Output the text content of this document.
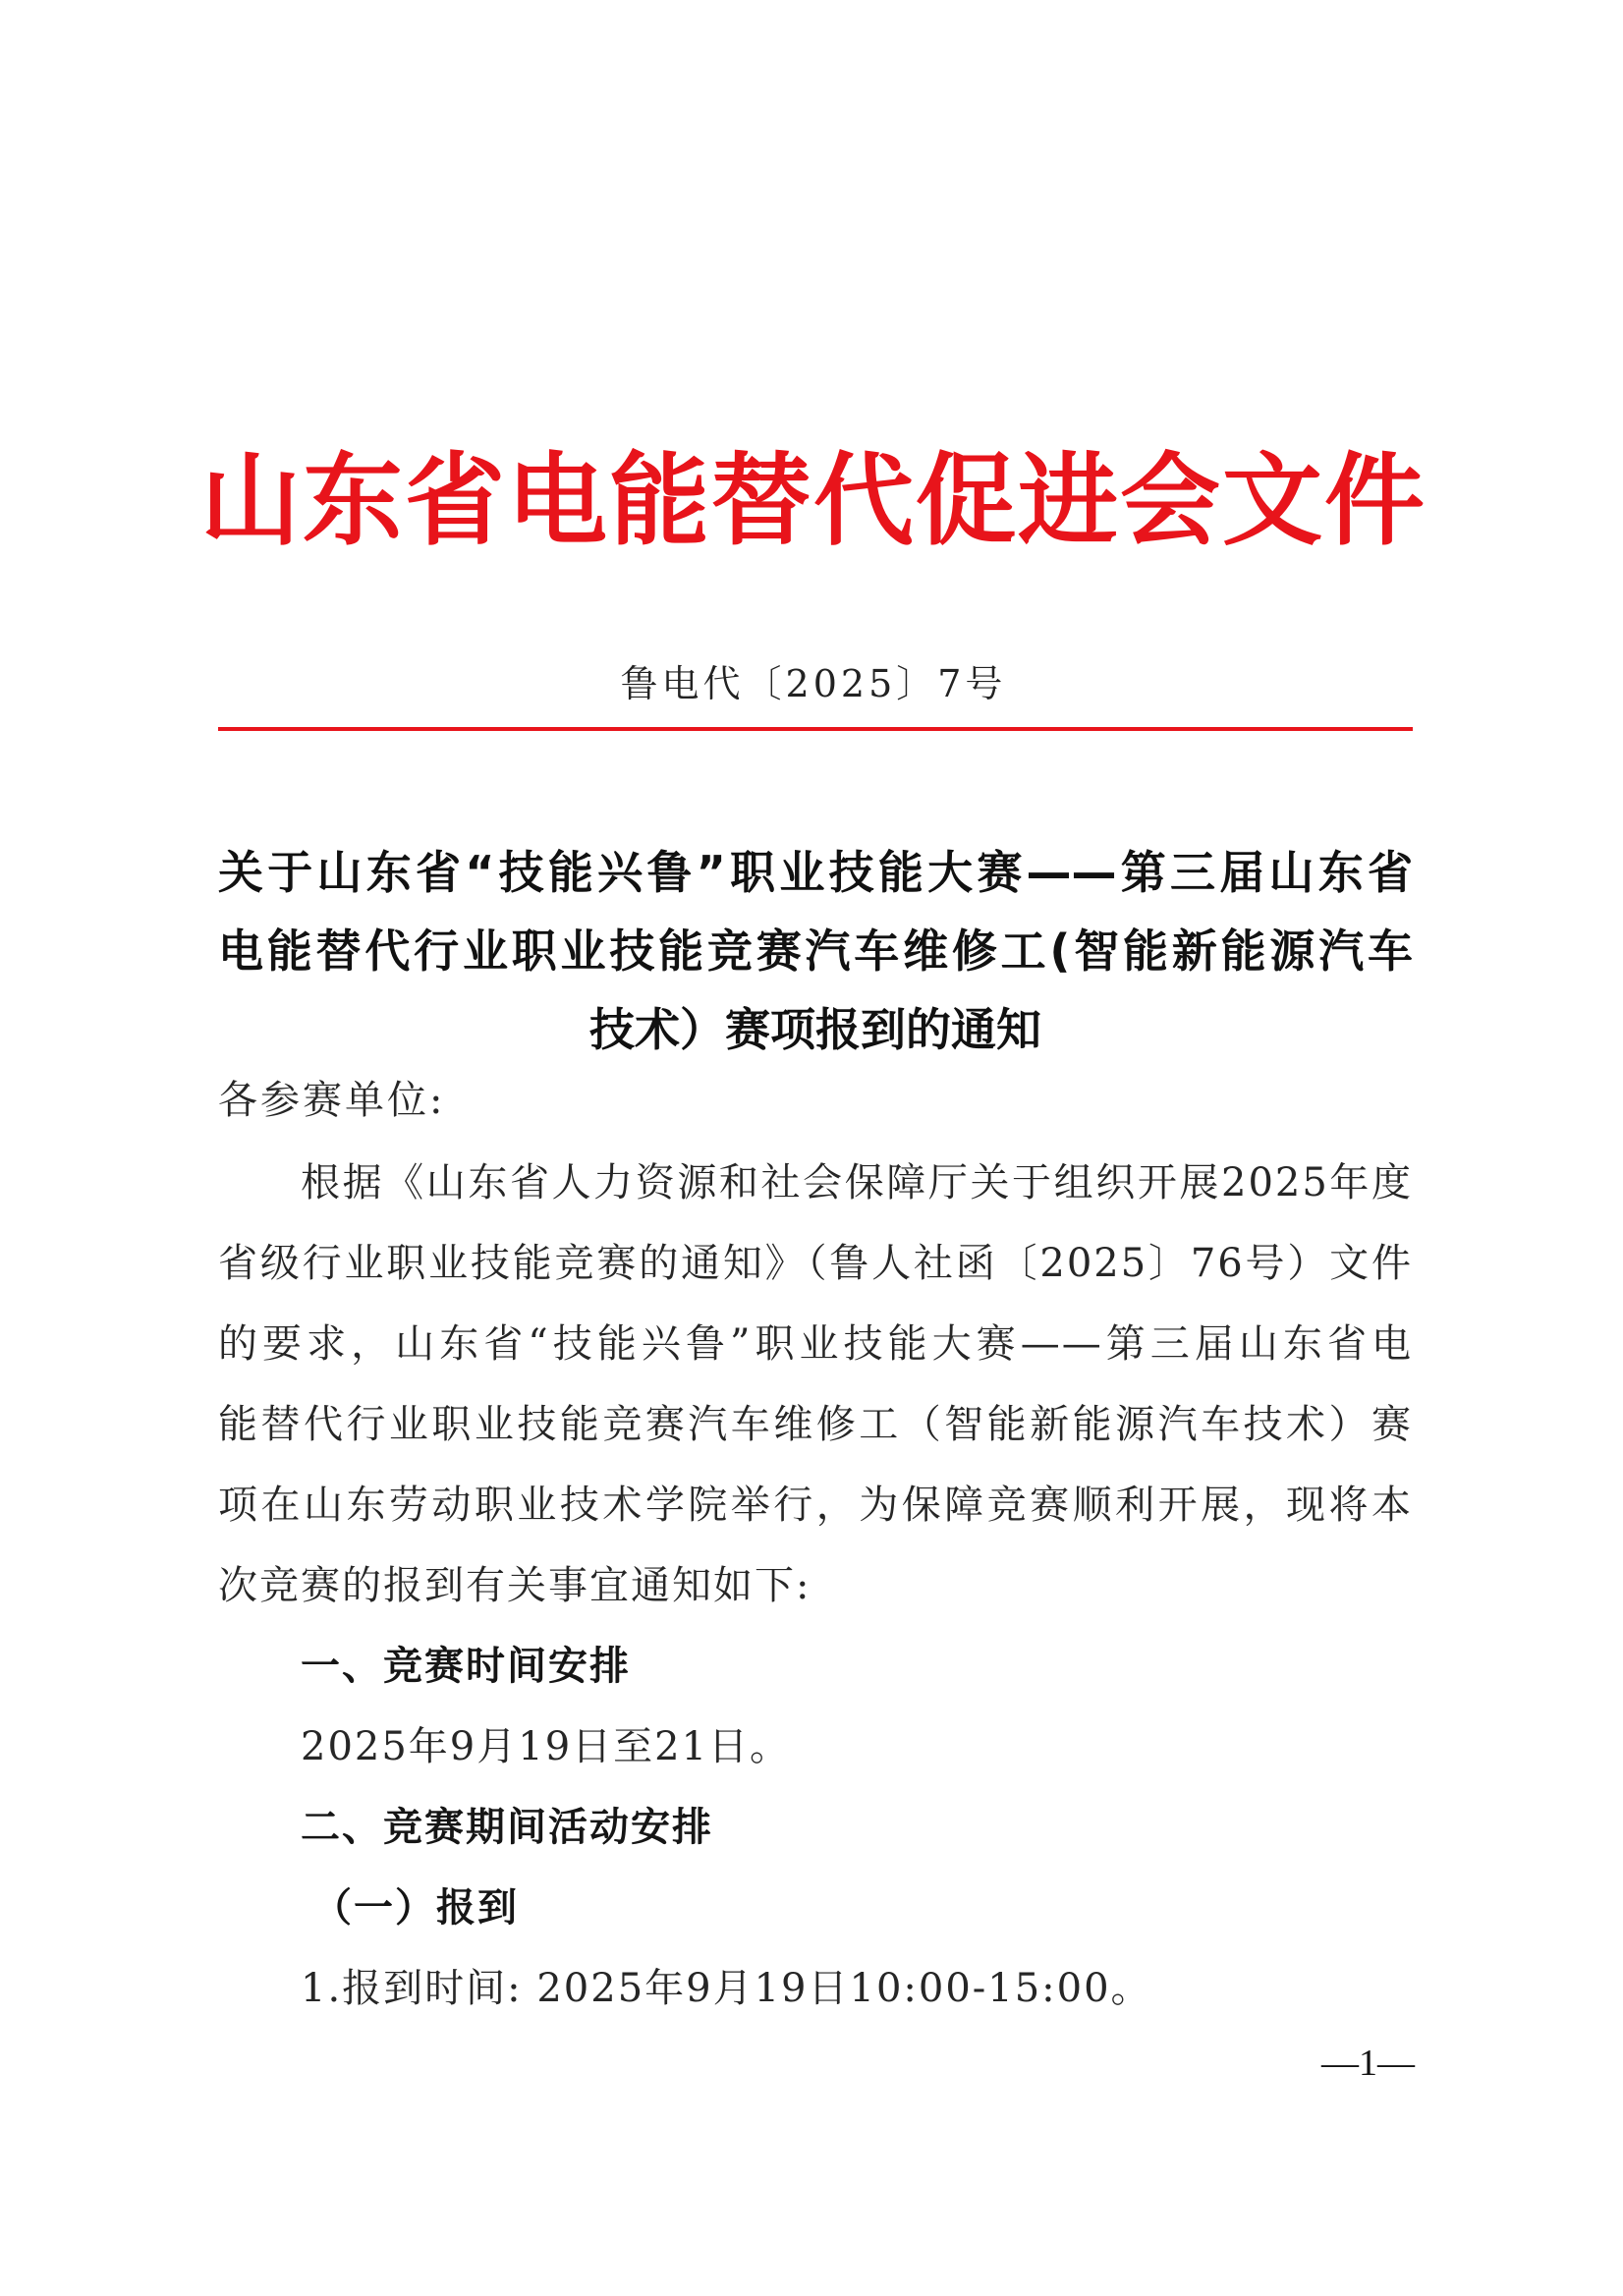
山东省电能替代促进会文件
鲁电代〔2025〕7号
关于山东省“技能兴鲁”职业技能大赛——第三届山东省
电能替代行业职业技能竞赛汽车维修工(智能新能源汽车
技术）赛项报到的通知
各参赛单位:
根据《山东省人力资源和社会保障厅关于组织开展2025年度
省级行业职业技能竞赛的通知》（鲁人社函〔2025〕76号）文件
的要求，山东省“技能兴鲁”职业技能大赛——第三届山东省电
能替代行业职业技能竞赛汽车维修工（智能新能源汽车技术）赛
项在山东劳动职业技术学院举行，为保障竞赛顺利开展，现将本
次竞赛的报到有关事宜通知如下:
一、竞赛时间安排
2025年9月19日至21日。
二、竞赛期间活动安排
（一）报到
1.报到时间: 2025年9月19日10:00-15:00。
—1—
